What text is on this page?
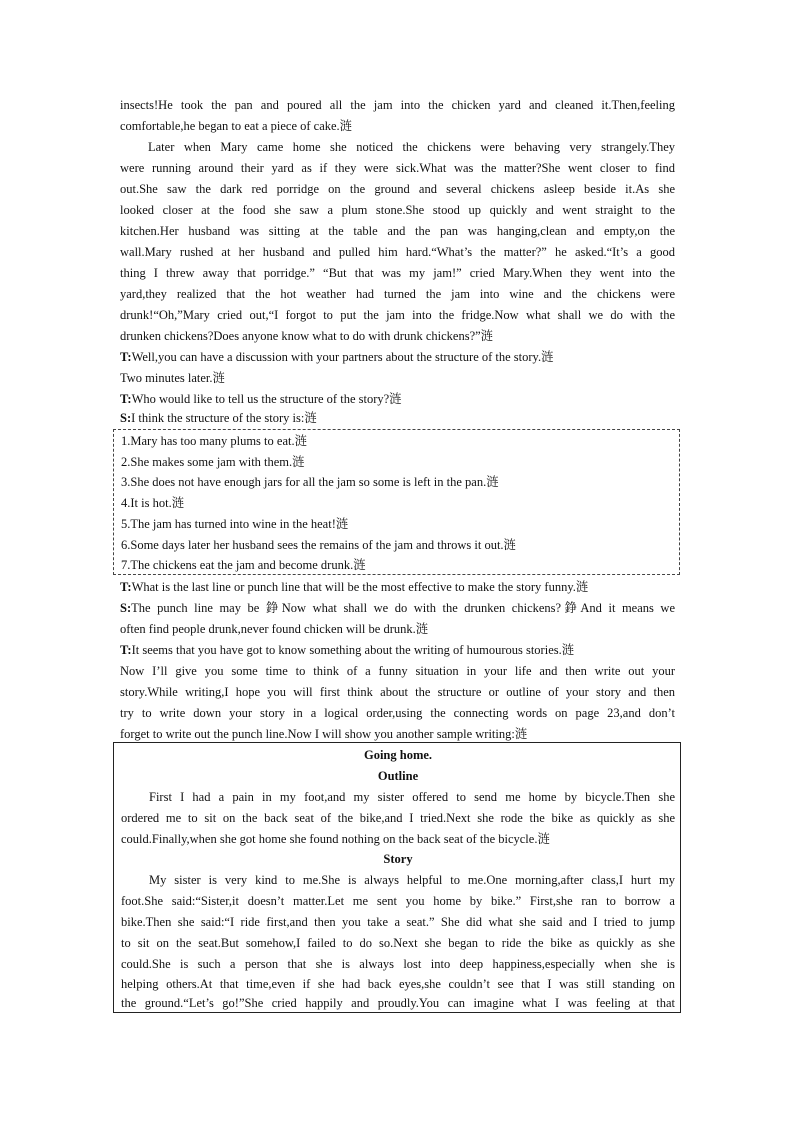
insects!He took the pan and poured all the jam into the chicken yard and cleaned it.Then,feeling
comfortable,he began to eat a piece of cake.涟
Later when Mary came home she noticed the chickens were behaving very strangely.They
were running around their yard as if they were sick.What was the matter?She went closer to find
out.She saw the dark red porridge on the ground and several chickens asleep beside it.As she
looked closer at the food she saw a plum stone.She stood up quickly and went straight to the
kitchen.Her husband was sitting at the table and the pan was hanging,clean and empty,on the
wall.Mary rushed at her husband and pulled him hard.“What’s the matter?” he asked.“It’s a good
thing I threw away that porridge.” “But that was my jam!” cried Mary.When they went into the
yard,they realized that the hot weather had turned the jam into wine and the chickens were
drunk!“Oh,”Mary cried out,“I forgot to put the jam into the fridge.Now what shall we do with the
drunken chickens?Does anyone know what to do with drunk chickens?”涟
T:Well,you can have a discussion with your partners about the structure of the story.涟
Two minutes later.涟
T:Who would like to tell us the structure of the story?涟
S:I think the structure of the story is:涟
1.Mary has too many plums to eat.涟
2.She makes some jam with them.涟
3.She does not have enough jars for all the jam so some is left in the pan.涟
4.It is hot.涟
5.The jam has turned into wine in the heat!涟
6.Some days later her husband sees the remains of the jam and throws it out.涟
7.The chickens eat the jam and become drunk.涟
T:What is the last line or punch line that will be the most effective to make the story funny.涟
S:The punch line may be 錚Now what shall we do with the drunken chickens?錚And it means we
often find people drunk,never found chicken will be drunk.涟
T:It seems that you have got to know something about the writing of humourous stories.涟
Now I’ll give you some time to think of a funny situation in your life and then write out your
story.While writing,I hope you will first think about the structure or outline of your story and then
try to write down your story in a logical order,using the connecting words on page 23,and don’t
forget to write out the punch line.Now I will show you another sample writing:涟
Going home.
Outline
First I had a pain in my foot,and my sister offered to send me home by bicycle.Then she
ordered me to sit on the back seat of the bike,and I tried.Next she rode the bike as quickly as she
could.Finally,when she got home she found nothing on the back seat of the bicycle.涟
Story
My sister is very kind to me.She is always helpful to me.One morning,after class,I hurt my
foot.She said:“Sister,it doesn’t matter.Let me sent you home by bike.” First,she ran to borrow a
bike.Then she said:“I ride first,and then you take a seat.” She did what she said and I tried to jump
to sit on the seat.But somehow,I failed to do so.Next she began to ride the bike as quickly as she
could.She is such a person that she is always lost into deep happiness,especially when she is
helping others.At that time,even if she had back eyes,she couldn’t see that I was still standing on
the ground.“Let’s go!”She cried happily and proudly.You can imagine what I was feeling at that
